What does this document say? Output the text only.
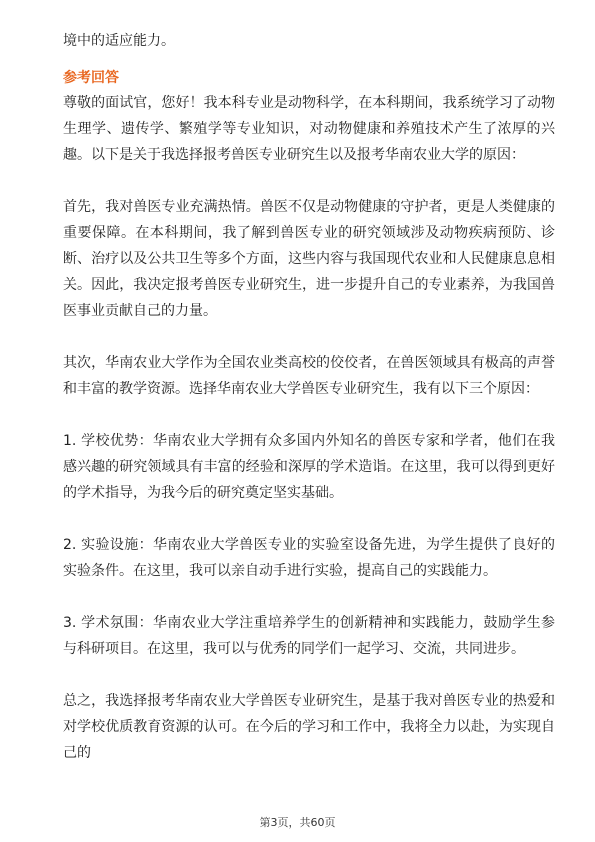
境中的适应能力。

参考回答

尊敬的面试官，您好！我本科专业是动物科学，在本科期间，我系统学习了动物生理学、遗传学、繁殖学等专业知识，对动物健康和养殖技术产生了浓厚的兴趣。以下是关于我选择报考兽医专业研究生以及报考华南农业大学的原因：

首先，我对兽医专业充满热情。兽医不仅是动物健康的守护者，更是人类健康的重要保障。在本科期间，我了解到兽医专业的研究领域涉及动物疾病预防、诊断、治疗以及公共卫生等多个方面，这些内容与我国现代农业和人民健康息息相关。因此，我决定报考兽医专业研究生，进一步提升自己的专业素养，为我国兽医事业贡献自己的力量。

其次，华南农业大学作为全国农业类高校的佼佼者，在兽医领域具有极高的声誉和丰富的教学资源。选择华南农业大学兽医专业研究生，我有以下三个原因：

1. 学校优势：华南农业大学拥有众多国内外知名的兽医专家和学者，他们在我感兴趣的研究领域具有丰富的经验和深厚的学术造诣。在这里，我可以得到更好的学术指导，为我今后的研究奠定坚实基础。

2. 实验设施：华南农业大学兽医专业的实验室设备先进，为学生提供了良好的实验条件。在这里，我可以亲自动手进行实验，提高自己的实践能力。

3. 学术氛围：华南农业大学注重培养学生的创新精神和实践能力，鼓励学生参与科研项目。在这里，我可以与优秀的同学们一起学习、交流，共同进步。

总之，我选择报考华南农业大学兽医专业研究生，是基于我对兽医专业的热爱和对学校优质教育资源的认可。在今后的学习和工作中，我将全力以赴，为实现自己的

第3页，共60页
